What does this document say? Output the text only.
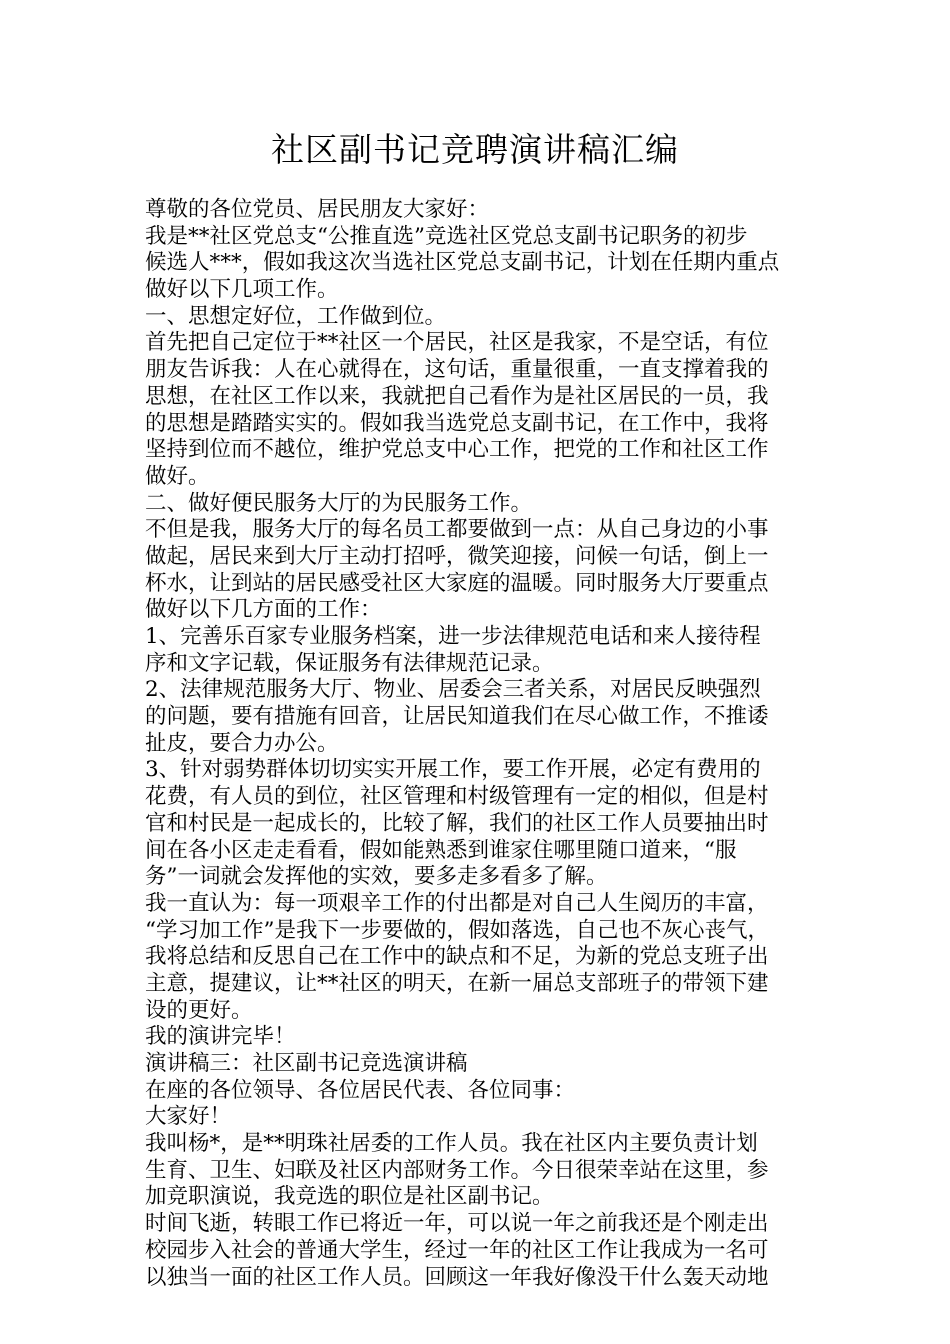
社区副书记竞聘演讲稿汇编
尊敬的各位党员、居民朋友大家好：
我是**社区党总支“公推直选”竞选社区党总支副书记职务的初步
候选人***，假如我这次当选社区党总支副书记，计划在任期内重点
做好以下几项工作。
一、思想定好位，工作做到位。
首先把自己定位于**社区一个居民，社区是我家，不是空话，有位
朋友告诉我：人在心就得在，这句话，重量很重，一直支撑着我的
思想，在社区工作以来，我就把自己看作为是社区居民的一员，我
的思想是踏踏实实的。假如我当选党总支副书记，在工作中，我将
坚持到位而不越位，维护党总支中心工作，把党的工作和社区工作
做好。
二、做好便民服务大厅的为民服务工作。
不但是我，服务大厅的每名员工都要做到一点：从自己身边的小事
做起，居民来到大厅主动打招呼，微笑迎接，问候一句话，倒上一
杯水，让到站的居民感受社区大家庭的温暖。同时服务大厅要重点
做好以下几方面的工作：
1、完善乐百家专业服务档案，进一步法律规范电话和来人接待程
序和文字记载，保证服务有法律规范记录。
2、法律规范服务大厅、物业、居委会三者关系，对居民反映强烈
的问题，要有措施有回音，让居民知道我们在尽心做工作，不推诿
扯皮，要合力办公。
3、针对弱势群体切切实实开展工作，要工作开展，必定有费用的
花费，有人员的到位，社区管理和村级管理有一定的相似，但是村
官和村民是一起成长的，比较了解，我们的社区工作人员要抽出时
间在各小区走走看看，假如能熟悉到谁家住哪里随口道来，“服
务”一词就会发挥他的实效，要多走多看多了解。
我一直认为：每一项艰辛工作的付出都是对自己人生阅历的丰富，
“学习加工作”是我下一步要做的，假如落选，自己也不灰心丧气，
我将总结和反思自己在工作中的缺点和不足，为新的党总支班子出
主意，提建议，让**社区的明天，在新一届总支部班子的带领下建
设的更好。
我的演讲完毕！
演讲稿三：社区副书记竞选演讲稿
在座的各位领导、各位居民代表、各位同事：
大家好！
我叫杨*，是**明珠社居委的工作人员。我在社区内主要负责计划
生育、卫生、妇联及社区内部财务工作。今日很荣幸站在这里，参
加竞职演说，我竞选的职位是社区副书记。
时间飞逝，转眼工作已将近一年，可以说一年之前我还是个刚走出
校园步入社会的普通大学生，经过一年的社区工作让我成为一名可
以独当一面的社区工作人员。回顾这一年我好像没干什么轰天动地
